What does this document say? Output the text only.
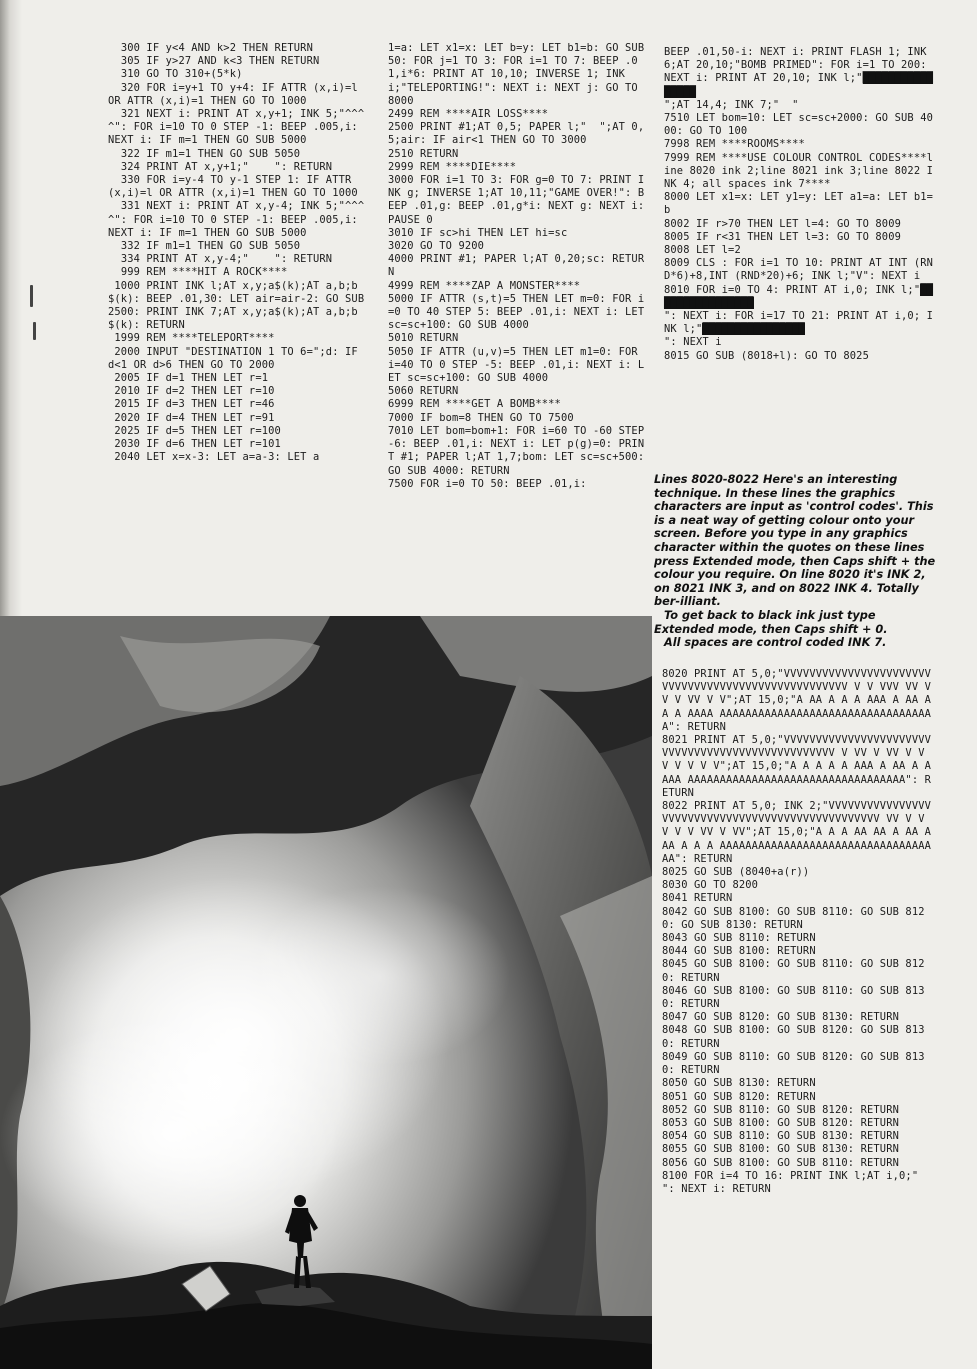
300 IF y<4 AND k>2 THEN RETURN
305 IF y>27 AND k<3 THEN RETURN
310 GO TO 310+(5*k)
320 FOR i=y+1 TO y+4: IF ATTR (x,i)=l OR ATTR (x,i)=1 THEN GO TO 1000
321 NEXT i: PRINT AT x,y+1; INK 5;"^^^^": FOR i=10 TO 0 STEP -1: BEEP .005,i: NEXT i: IF m=1 THEN GO SUB 5000
322 IF m1=1 THEN GO SUB 5050
324 PRINT AT x,y+1;"    ": RETURN
330 FOR i=y-4 TO y-1 STEP 1: IF ATTR (x,i)=l OR ATTR (x,i)=1 THEN GO TO 1000
331 NEXT i: PRINT AT x,y-4; INK 5;"^^^^": FOR i=10 TO 0 STEP -1: BEEP .005,i: NEXT i: IF m=1 THEN GO SUB 5000
332 IF m1=1 THEN GO SUB 5050
334 PRINT AT x,y-4;"    ": RETURN
999 REM ****HIT A ROCK****
1000 PRINT INK l;AT x,y;a$(k);AT a,b;b$(k): BEEP .01,30: LET air=air-2: GO SUB 2500: PRINT INK 7;AT x,y;a$(k);AT a,b;b$(k): RETURN
1999 REM ****TELEPORT****
2000 INPUT "DESTINATION 1 TO 6=";d: IF d<1 OR d>6 THEN GO TO 2000
2005 IF d=1 THEN LET r=1
2010 IF d=2 THEN LET r=10
2015 IF d=3 THEN LET r=46
2020 IF d=4 THEN LET r=91
2025 IF d=5 THEN LET r=100
2030 IF d=6 THEN LET r=101
2040 LET x=x-3: LET a=a-3: LET a
1=a: LET x1=x: LET b=y: LET b1=b: GO SUB 50: FOR j=1 TO 3: FOR i=1 TO 7: BEEP .01,i*6: PRINT AT 10,10; INVERSE 1; INK i;"TELEPORTING!": NEXT i: NEXT j: GO TO 8000
2499 REM ****AIR LOSS****
2500 PRINT #1;AT 0,5; PAPER l;"  ";AT 0,5;air: IF air<1 THEN GO TO 3000
2510 RETURN
2999 REM ****DIE****
3000 FOR i=1 TO 3: FOR g=0 TO 7: PRINT INK g; INVERSE 1;AT 10,11;"GAME OVER!": BEEP .01,g: BEEP .01,g*i: NEXT g: NEXT i: PAUSE 0
3010 IF sc>hi THEN LET hi=sc
3020 GO TO 9200
4000 PRINT #1; PAPER l;AT 0,20;sc: RETURN
4999 REM ****ZAP A MONSTER****
5000 IF ATTR (s,t)=5 THEN LET m=0: FOR i=0 TO 40 STEP 5: BEEP .01,i: NEXT i: LET sc=sc+100: GO SUB 4000
5010 RETURN
5050 IF ATTR (u,v)=5 THEN LET m1=0: FOR i=40 TO 0 STEP -5: BEEP .01,i: NEXT i: LET sc=sc+100: GO SUB 4000
5060 RETURN
6999 REM ****GET A BOMB****
7000 IF bom=8 THEN GO TO 7500
7010 LET bom=bom+1: FOR i=60 TO -60 STEP -6: BEEP .01,i: NEXT i: LET p(g)=0: PRINT #1; PAPER l;AT 1,7;bom: LET sc=sc+500: GO SUB 4000: RETURN
7500 FOR i=0 TO 50: BEEP .01,i:
BEEP .01,50-i: NEXT i: PRINT FLASH 1; INK 6;AT 20,10;"BOMB PRIMED": FOR i=1 TO 200: NEXT i: PRINT AT 20,10; INK l;"████████████████
";AT 14,4; INK 7;"  "
7510 LET bom=10: LET sc=sc+2000: GO SUB 4000: GO TO 100
7998 REM ****ROOMS****
7999 REM ****USE COLOUR CONTROL CODES****line 8020 ink 2;line 8021 ink 3;line 8022 INK 4; all spaces ink 7****
8000 LET x1=x: LET y1=y: LET a1=a: LET b1=b
8002 IF r>70 THEN LET l=4: GO TO 8009
8005 IF r<31 THEN LET l=3: GO TO 8009
8008 LET l=2
8009 CLS : FOR i=1 TO 10: PRINT AT INT (RND*6)+8,INT (RND*20)+6; INK l;"V": NEXT i
8010 FOR i=0 TO 4: PRINT AT i,0; INK l;"████████████████
": NEXT i: FOR i=17 TO 21: PRINT AT i,0; INK l;"████████████████
": NEXT i
8015 GO SUB (8018+l): GO TO 8025

Lines 8020-8022 Here's an interesting technique. In these lines the graphics characters are input as 'control codes'. This is a neat way of getting colour onto your screen. Before you type in any graphics character within the quotes on these lines press Extended mode, then Caps shift + the colour you require. On line 8020 it's INK 2, on 8021 INK 3, and on 8022 INK 4. Totally ber-illiant.

To get back to black ink just type Extended mode, then Caps shift + 0.

All spaces are control coded INK 7.

8020 PRINT AT 5,0;"VVVVVVVVVVVVVVVVVVVVVVVVVVVVVVVVVVVVVVVVVVVVVVVVVVVV V V VVV VV V V V VV V V";AT 15,0;"A AA A A A AAA A AA AA A AAAA AAAAAAAAAAAAAAAAAAAAAAAAAAAAAAAAAA": RETURN
8021 PRINT AT 5,0;"VVVVVVVVVVVVVVVVVVVVVVVVVVVVVVVVVVVVVVVVVVVVVVVVVV V VV V VV V V V V V V V";AT 15,0;"A A A A A AAA A AA A A AAA AAAAAAAAAAAAAAAAAAAAAAAAAAAAAAAAAA": RETURN
8022 PRINT AT 5,0; INK 2;"VVVVVVVVVVVVVVVVVVVVVVVVVVVVVVVVVVVVVVVVVVVVVVVVVV VV V V V V V VV V VV";AT 15,0;"A A A AA AA A AA AAA A A A AAAAAAAAAAAAAAAAAAAAAAAAAAAAAAAAAAA": RETURN
8025 GO SUB (8040+a(r))
8030 GO TO 8200
8041 RETURN
8042 GO SUB 8100: GO SUB 8110: GO SUB 8120: GO SUB 8130: RETURN
8043 GO SUB 8110: RETURN
8044 GO SUB 8100: RETURN
8045 GO SUB 8100: GO SUB 8110: GO SUB 8120: RETURN
8046 GO SUB 8100: GO SUB 8110: GO SUB 8130: RETURN
8047 GO SUB 8120: GO SUB 8130: RETURN
8048 GO SUB 8100: GO SUB 8120: GO SUB 8130: RETURN
8049 GO SUB 8110: GO SUB 8120: GO SUB 8130: RETURN
8050 GO SUB 8130: RETURN
8051 GO SUB 8120: RETURN
8052 GO SUB 8110: GO SUB 8120: RETURN
8053 GO SUB 8100: GO SUB 8120: RETURN
8054 GO SUB 8110: GO SUB 8130: RETURN
8055 GO SUB 8100: GO SUB 8130: RETURN
8056 GO SUB 8100: GO SUB 8110: RETURN
8100 FOR i=4 TO 16: PRINT INK l;AT i,0;"    ": NEXT i: RETURN
